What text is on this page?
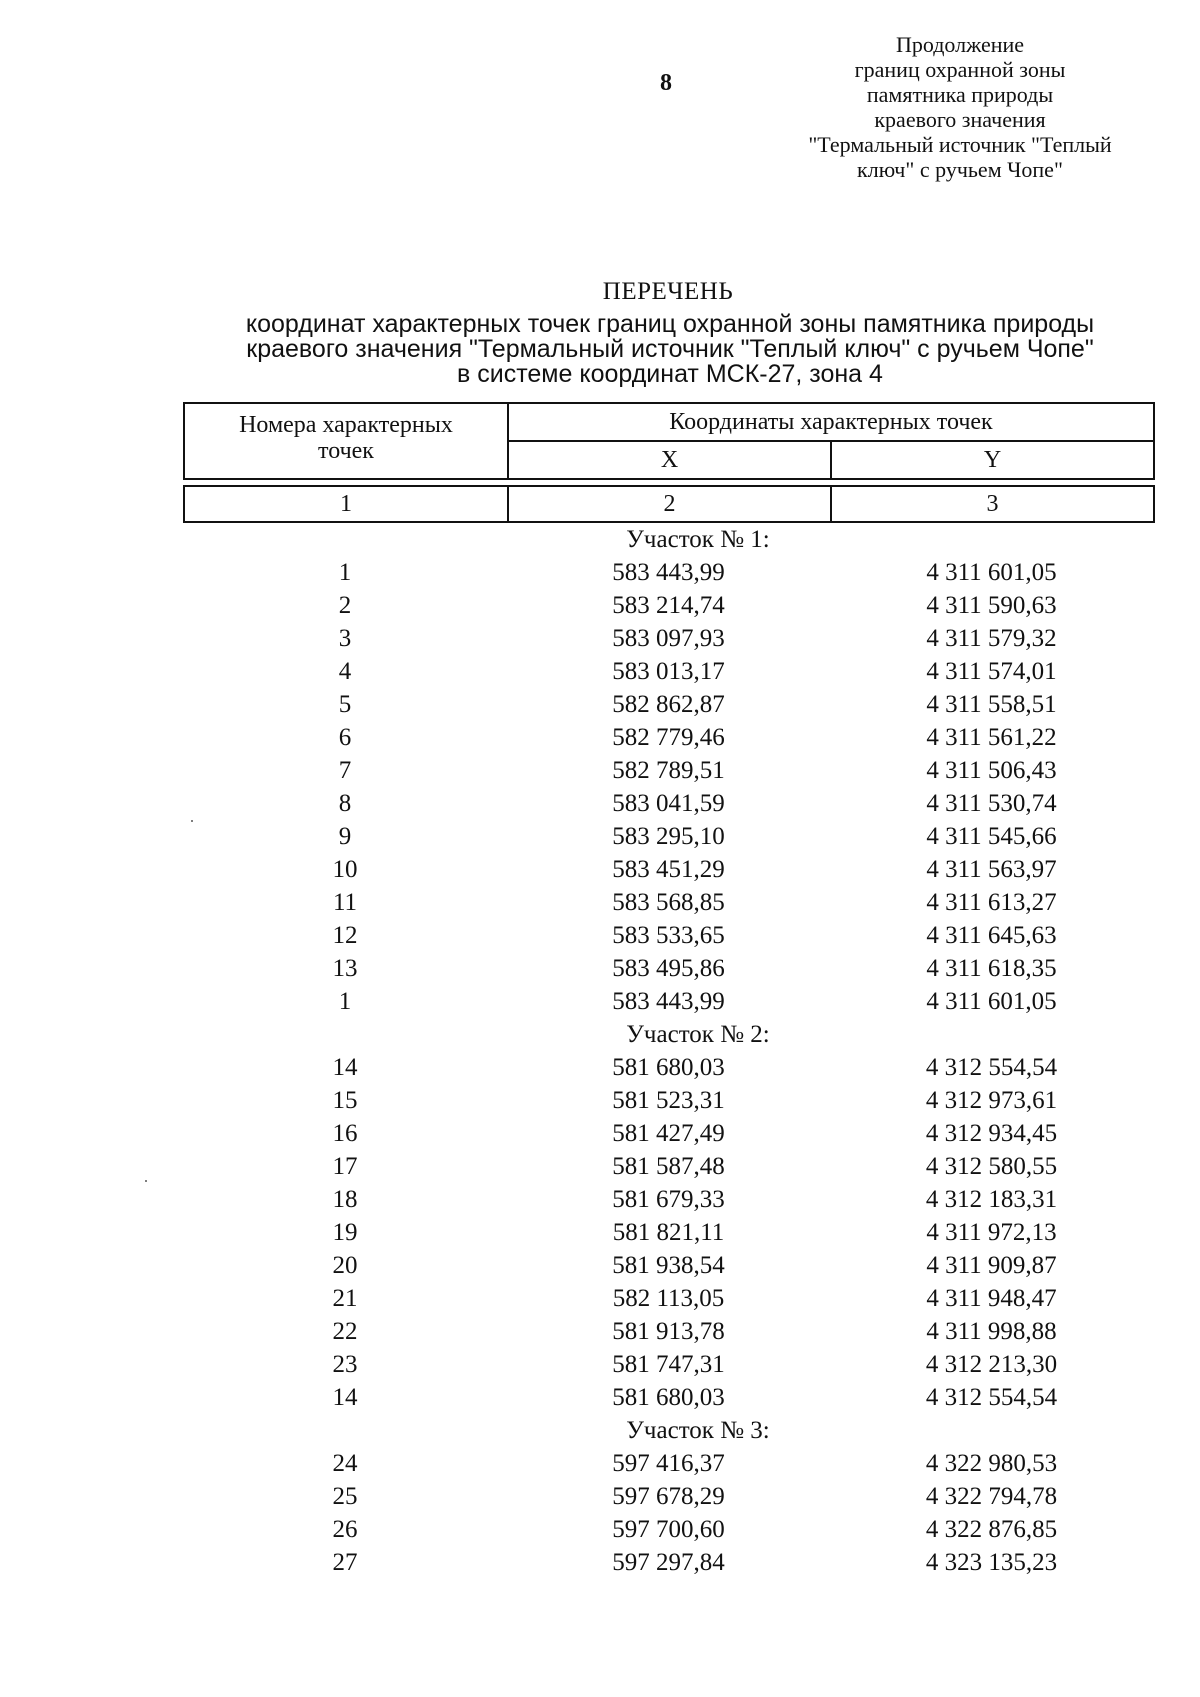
8
Продолжение
границ охранной зоны
памятника природы
краевого значения
"Термальный источник "Теплый
ключ" с ручьем Чопе"
ПЕРЕЧЕНЬ
координат характерных точек границ охранной зоны памятника природы
краевого значения "Термальный источник "Теплый ключ" с ручьем Чопе"
в системе координат МСК-27, зона 4
Номера характерных
точек	Координаты характерных точек	
	X	Y

1	2	3
Участок № 1:
1	583 443,99	4 311 601,05
2	583 214,74	4 311 590,63
3	583 097,93	4 311 579,32
4	583 013,17	4 311 574,01
5	582 862,87	4 311 558,51
6	582 779,46	4 311 561,22
7	582 789,51	4 311 506,43
8	583 041,59	4 311 530,74
9	583 295,10	4 311 545,66
10	583 451,29	4 311 563,97
11	583 568,85	4 311 613,27
12	583 533,65	4 311 645,63
13	583 495,86	4 311 618,35
1	583 443,99	4 311 601,05
Участок № 2:
14	581 680,03	4 312 554,54
15	581 523,31	4 312 973,61
16	581 427,49	4 312 934,45
17	581 587,48	4 312 580,55
18	581 679,33	4 312 183,31
19	581 821,11	4 311 972,13
20	581 938,54	4 311 909,87
21	582 113,05	4 311 948,47
22	581 913,78	4 311 998,88
23	581 747,31	4 312 213,30
14	581 680,03	4 312 554,54
Участок № 3:
24	597 416,37	4 322 980,53
25	597 678,29	4 322 794,78
26	597 700,60	4 322 876,85
27	597 297,84	4 323 135,23
